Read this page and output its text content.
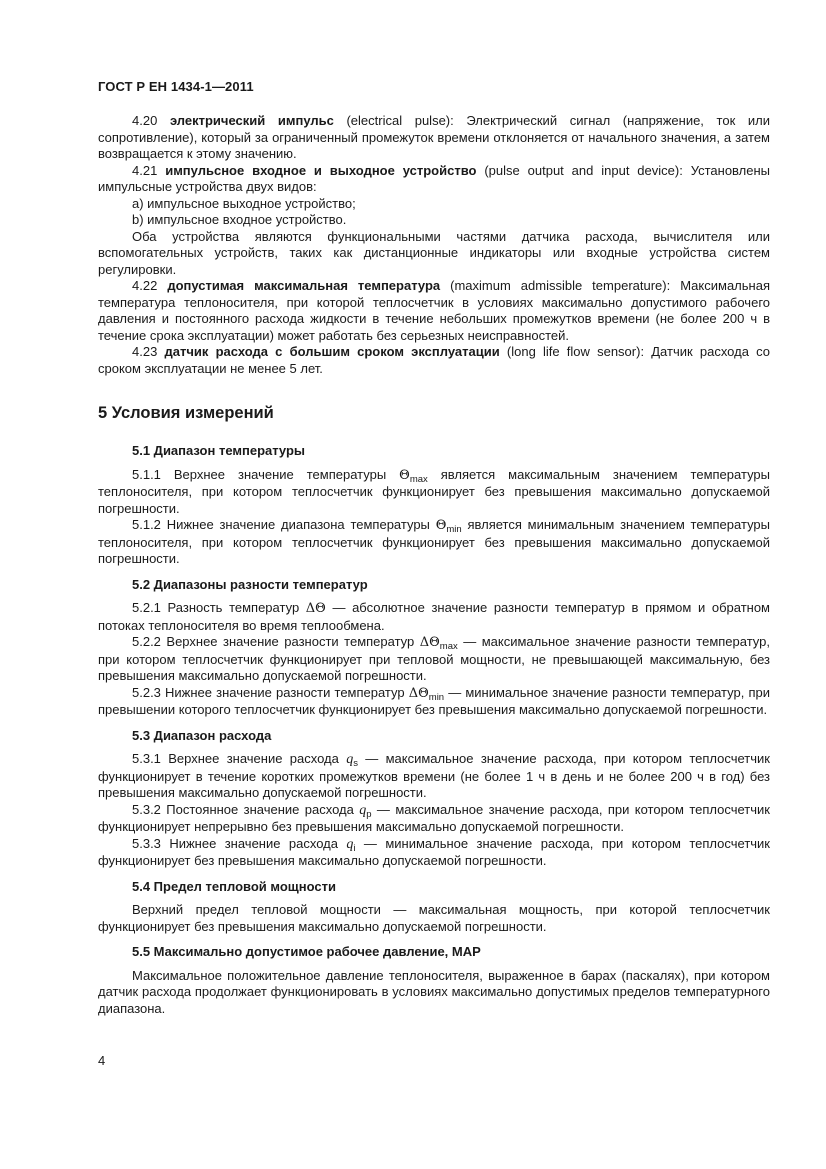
ГОСТ Р ЕН 1434-1—2011

4.20 электрический импульс (electrical pulse): Электрический сигнал (напряжение, ток или сопротивление), который за ограниченный промежуток времени отклоняется от начального значения, а затем возвращается к этому значению.

4.21 импульсное входное и выходное устройство (pulse output and input device): Установлены импульсные устройства двух видов:

a) импульсное выходное устройство;

b) импульсное входное устройство.

Оба устройства являются функциональными частями датчика расхода, вычислителя или вспомогательных устройств, таких как дистанционные индикаторы или входные устройства систем регулировки.

4.22 допустимая максимальная температура (maximum admissible temperature): Максимальная температура теплоносителя, при которой теплосчетчик в условиях максимально допустимого рабочего давления и постоянного расхода жидкости в течение небольших промежутков времени (не более 200 ч в течение срока эксплуатации) может работать без серьезных неисправностей.

4.23 датчик расхода с большим сроком эксплуатации (long life flow sensor): Датчик расхода со сроком эксплуатации не менее 5 лет.

5 Условия измерений

5.1 Диапазон температуры

5.1.1 Верхнее значение температуры $\Theta_{max}$ является максимальным значением температуры теплоносителя, при котором теплосчетчик функционирует без превышения максимально допускаемой погрешности.

5.1.2 Нижнее значение диапазона температуры $\Theta_{min}$ является минимальным значением температуры теплоносителя, при котором теплосчетчик функционирует без превышения максимально допускаемой погрешности.

5.2 Диапазоны разности температур

5.2.1 Разность температур ΔΘ — абсолютное значение разности температур в прямом и обратном потоках теплоносителя во время теплообмена.

5.2.2 Верхнее значение разности температур $\Delta\Theta_{max}$ — максимальное значение разности температур, при котором теплосчетчик функционирует при тепловой мощности, не превышающей максимальную, без превышения максимально допускаемой погрешности.

5.2.3 Нижнее значение разности температур $\Delta\Theta_{min}$ — минимальное значение разности температур, при превышении которого теплосчетчик функционирует без превышения максимально допускаемой погрешности.

5.3 Диапазон расхода

5.3.1 Верхнее значение расхода $q_s$ — максимальное значение расхода, при котором теплосчетчик функционирует в течение коротких промежутков времени (не более 1 ч в день и не более 200 ч в год) без превышения максимально допускаемой погрешности.

5.3.2 Постоянное значение расхода $q_p$ — максимальное значение расхода, при котором теплосчетчик функционирует непрерывно без превышения максимально допускаемой погрешности.

5.3.3 Нижнее значение расхода $q_i$ — минимальное значение расхода, при котором теплосчетчик функционирует без превышения максимально допускаемой погрешности.

5.4 Предел тепловой мощности

Верхний предел тепловой мощности — максимальная мощность, при которой теплосчетчик функционирует без превышения максимально допускаемой погрешности.

5.5 Максимально допустимое рабочее давление, МАР

Максимальное положительное давление теплоносителя, выраженное в барах (паскалях), при котором датчик расхода продолжает функционировать в условиях максимально допустимых пределов температурного диапазона.

4
